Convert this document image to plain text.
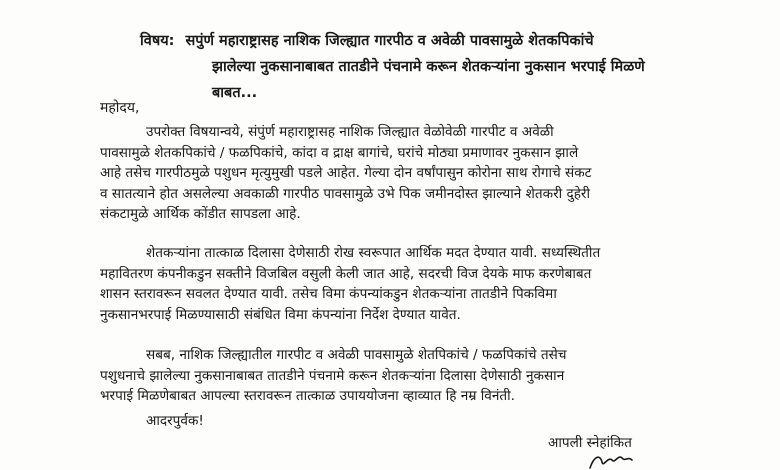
विषय: सपुंर्ण महाराष्ट्रासह नाशिक जिल्ह्यात गारपीठ व अवेळी पावसामुळे शेतकपिकांचे
झालेल्या नुकसानाबाबत तातडीने पंचनामे करून शेतकऱ्यांना नुकसान भरपाई मिळणे
बाबत...
महोदय,
उपरोक्त विषयान्वये, संपुंर्ण महाराष्ट्रासह नाशिक जिल्ह्यात वेळोवेळी गारपीट व अवेळी
पावसामुळे शेतकपिकांचे / फळपिकांचे, कांदा व द्राक्ष बागांचे, घरांचे मोठ्या प्रमाणावर नुकसान झाले
आहे तसेच गारपीठमुळे पशुधन मृत्युमुखी पडले आहेत. गेल्या दोन वर्षांपासुन कोरोना साथ रोगाचे संकट
व सातत्याने होत असलेल्या अवकाळी गारपीठ पावसामुळे उभे पिक जमीनदोस्त झाल्याने शेतकरी दुहेरी
संकटामुळे आर्थिक कोंडीत सापडला आहे.
शेतकऱ्यांना तात्काळ दिलासा देणेसाठी रोख स्वरूपात आर्थिक मदत देण्यात यावी. सध्यस्थितीत
महावितरण कंपनीकडुन सक्तीने विजबिल वसुली केली जात आहे, सदरची विज देयके माफ करणेबाबत
शासन स्तरावरून सवलत देण्यात यावी. तसेच विमा कंपन्यांकडुन शेतकऱ्यांना तातडीने पिकविमा
नुकसानभरपाई मिळण्यासाठी संबंधित विमा कंपन्यांना निर्देश देण्यात यावेत.
सबब, नाशिक जिल्ह्यातील गारपीट व अवेळी पावसामुळे शेतपिकांचे / फळपिकांचे तसेच
पशुधनाचे झालेल्या नुकसानाबाबत तातडीने पंचनामे करून शेतकऱ्यांना दिलासा देणेसाठी नुकसान
भरपाई मिळणेबाबत आपल्या स्तरावरून तात्काळ उपाययोजना व्हाव्यात हि नम्र विनंती.
आदरपुर्वक!
आपली स्नेहांकित
